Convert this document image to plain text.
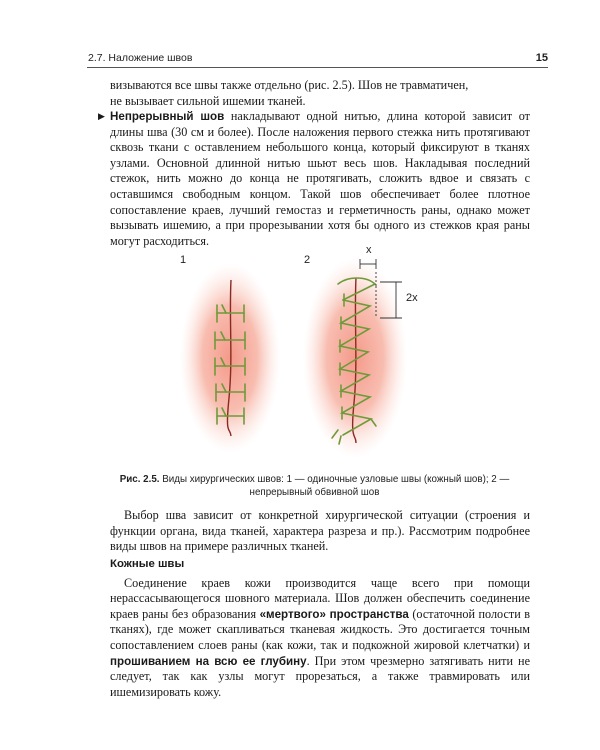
2.7. Наложение швов	15

визываются все швы также отдельно (рис. 2.5). Шов не травматичен,

не вызывает сильной ишемии тканей.

▶ Непрерывный шов накладывают одной нитью, длина которой зависит от длины шва (30 см и более). После наложения первого стежка нить протягивают сквозь ткани с оставлением небольшого конца, который фиксируют в тканях узлами. Основной длинной нитью шьют весь шов. Накладывая последний стежок, нить можно до конца не протягивать, сложить вдвое и связать с оставшимся свободным концом. Такой шов обеспечивает более плотное сопоставление краев, лучший гемостаз и герметичность раны, однако может вызывать ишемию, а при прорезывании хотя бы одного из стежков края раны могут расходиться.

1	2
x
2x
Рис. 2.5. Виды хирургических швов: 1 — одиночные узловые швы (кожный шов); 2 — непрерывный обвивной шов

Выбор шва зависит от конкретной хирургической ситуации (строения и функции органа, вида тканей, характера разреза и пр.). Рассмотрим подробнее виды швов на примере различных тканей.

Кожные швы

Соединение краев кожи производится чаще всего при помощи нерассасывающегося шовного материала. Шов должен обеспечить соединение краев раны без образования «мертвого» пространства (остаточной полости в тканях), где может скапливаться тканевая жидкость. Это достигается точным сопоставлением слоев раны (как кожи, так и подкожной жировой клетчатки) и прошиванием на всю ее глубину. При этом чрезмерно затягивать нити не следует, так как узлы могут прорезаться, а также травмировать или ишемизировать кожу.
